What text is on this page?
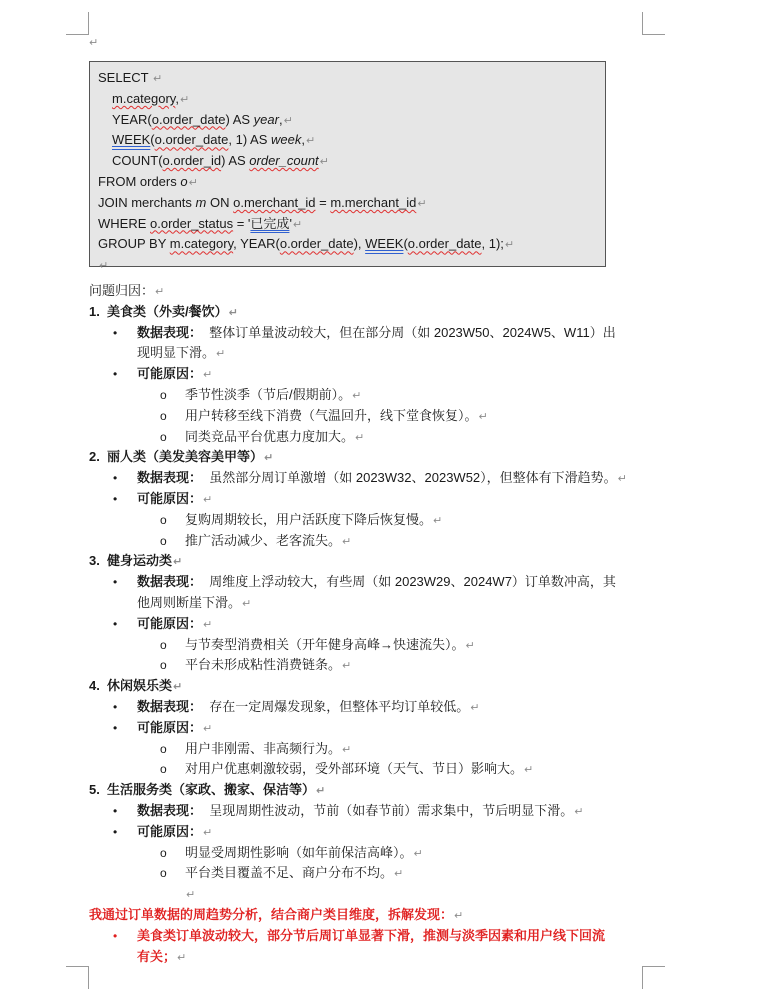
↵
SELECT ↵
m.category,↵
YEAR(o.order_date) AS year,↵
WEEK(o.order_date, 1) AS week,↵
COUNT(o.order_id) AS order_count↵
FROM orders o↵
JOIN merchants m ON o.merchant_id = m.merchant_id↵
WHERE o.order_status = '已完成'↵
GROUP BY m.category, YEAR(o.order_date), WEEK(o.order_date, 1);↵
↵
问题归因：↵
1. 美食类（外卖/餐饮）↵
• 数据表现： 整体订单量波动较大，但在部分周（如 2023W50、2024W5、W11）出
现明显下滑。↵
• 可能原因：↵
o 季节性淡季（节后/假期前）。↵
o 用户转移至线下消费（气温回升，线下堂食恢复）。↵
o 同类竞品平台优惠力度加大。↵
2. 丽人类（美发美容美甲等）↵
• 数据表现： 虽然部分周订单激增（如 2023W32、2023W52），但整体有下滑趋势。↵
• 可能原因：↵
o 复购周期较长，用户活跃度下降后恢复慢。↵
o 推广活动减少、老客流失。↵
3. 健身运动类↵
• 数据表现： 周维度上浮动较大，有些周（如 2023W29、2024W7）订单数冲高，其
他周则断崖下滑。↵
• 可能原因：↵
o 与节奏型消费相关（开年健身高峰→快速流失）。↵
o 平台未形成粘性消费链条。↵
4. 休闲娱乐类↵
• 数据表现： 存在一定周爆发现象，但整体平均订单较低。↵
• 可能原因：↵
o 用户非刚需、非高频行为。↵
o 对用户优惠刺激较弱，受外部环境（天气、节日）影响大。↵
5. 生活服务类（家政、搬家、保洁等）↵
• 数据表现： 呈现周期性波动，节前（如春节前）需求集中，节后明显下滑。↵
• 可能原因：↵
o 明显受周期性影响（如年前保洁高峰）。↵
o 平台类目覆盖不足、商户分布不均。↵
↵
我通过订单数据的周趋势分析，结合商户类目维度，拆解发现：↵
• 美食类订单波动较大，部分节后周订单显著下滑，推测与淡季因素和用户线下回流
有关；↵
